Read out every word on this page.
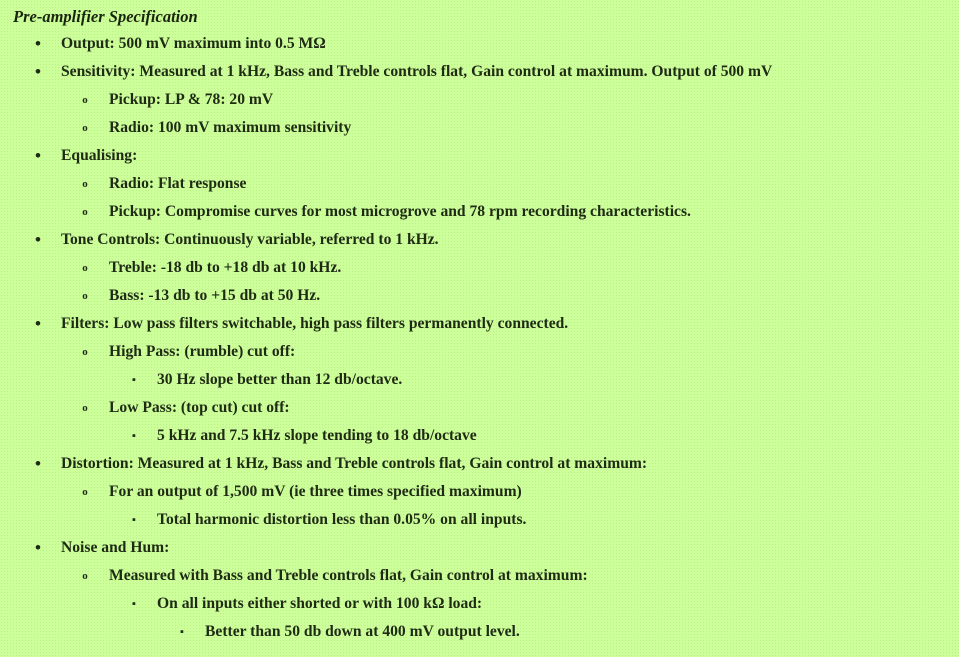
Pre-amplifier Specification
• Output: 500 mV maximum into 0.5 MΩ
• Sensitivity: Measured at 1 kHz, Bass and Treble controls flat, Gain control at maximum. Output of 500 mV
o Pickup: LP & 78: 20 mV
o Radio: 100 mV maximum sensitivity
• Equalising:
o Radio: Flat response
o Pickup: Compromise curves for most microgrove and 78 rpm recording characteristics.
• Tone Controls: Continuously variable, referred to 1 kHz.
o Treble: -18 db to +18 db at 10 kHz.
o Bass: -13 db to +15 db at 50 Hz.
• Filters: Low pass filters switchable, high pass filters permanently connected.
o High Pass: (rumble) cut off:
▪ 30 Hz slope better than 12 db/octave.
o Low Pass: (top cut) cut off:
▪ 5 kHz and 7.5 kHz slope tending to 18 db/octave
• Distortion: Measured at 1 kHz, Bass and Treble controls flat, Gain control at maximum:
o For an output of 1,500 mV (ie three times specified maximum)
▪ Total harmonic distortion less than 0.05% on all inputs.
• Noise and Hum:
o Measured with Bass and Treble controls flat, Gain control at maximum:
▪ On all inputs either shorted or with 100 kΩ load:
▪ Better than 50 db down at 400 mV output level.
